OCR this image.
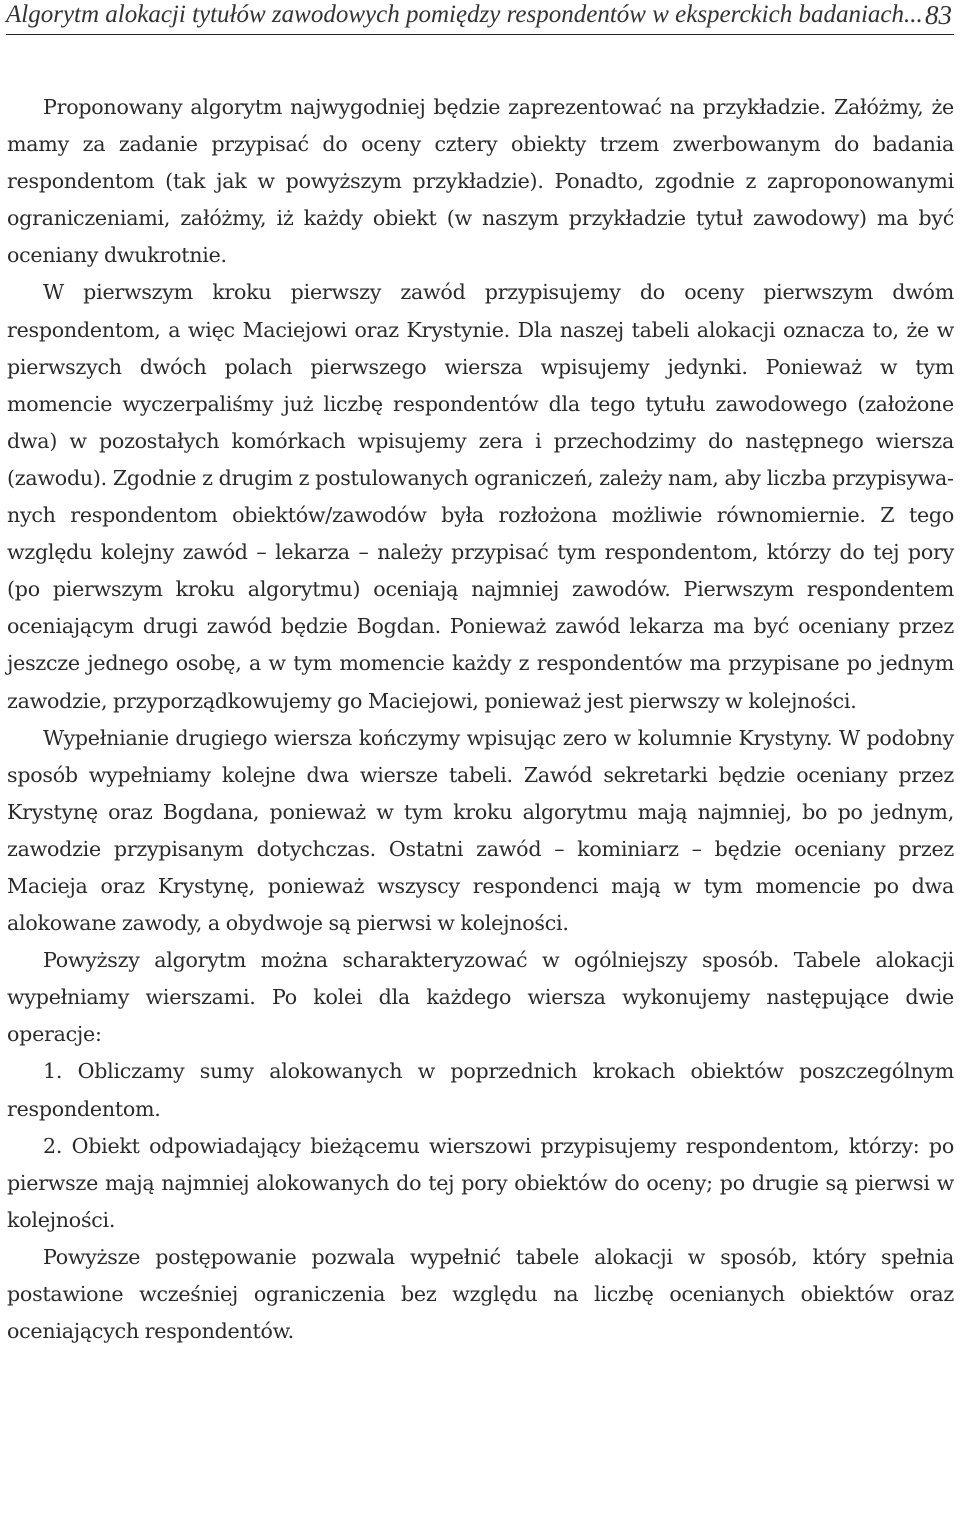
Algorytm alokacji tytułów zawodowych pomiędzy respondentów w eksperckich badaniach... 83

Proponowany algorytm najwygodniej będzie zaprezentować na przykładzie. Załóżmy, że mamy za zadanie przypisać do oceny cztery obiekty trzem zwerbowanym do badania respondentom (tak jak w powyższym przykładzie). Ponadto, zgodnie z zaproponowanymi ograniczeniami, załóżmy, iż każdy obiekt (w naszym przykładzie tytuł zawodowy) ma być oceniany dwukrotnie.

W pierwszym kroku pierwszy zawód przypisujemy do oceny pierwszym dwóm respondentom, a więc Maciejowi oraz Krystynie. Dla naszej tabeli alokacji oznacza to, że w pierwszych dwóch polach pierwszego wiersza wpisujemy jedynki. Ponieważ w tym momencie wyczerpaliśmy już liczbę respondentów dla tego tytułu zawodowego (założone dwa) w pozostałych komórkach wpisujemy zera i przechodzimy do następnego wiersza (zawodu). Zgodnie z drugim z postulowanych ograniczeń, zależy nam, aby liczba przypisywanych respondentom obiektów/zawodów była rozłożona możliwie równomiernie. Z tego względu kolejny zawód – lekarza – należy przypisać tym respondentom, którzy do tej pory (po pierwszym kroku algorytmu) oceniają najmniej zawodów. Pierwszym respondentem oceniającym drugi zawód będzie Bogdan. Ponieważ zawód lekarza ma być oceniany przez jeszcze jednego osobę, a w tym momencie każdy z respondentów ma przypisane po jednym zawodzie, przyporządkowujemy go Maciejowi, ponieważ jest pierwszy w kolejności.

Wypełnianie drugiego wiersza kończymy wpisując zero w kolumnie Krystyny. W podobny sposób wypełniamy kolejne dwa wiersze tabeli. Zawód sekretarki będzie oceniany przez Krystynę oraz Bogdana, ponieważ w tym kroku algorytmu mają najmniej, bo po jednym, zawodzie przypisanym dotychczas. Ostatni zawód – kominiarz – będzie oceniany przez Macieja oraz Krystynę, ponieważ wszyscy respondenci mają w tym momencie po dwa alokowane zawody, a obydwoje są pierwsi w kolejności.

Powyższy algorytm można scharakteryzować w ogólniejszy sposób. Tabele alokacji wypełniamy wierszami. Po kolei dla każdego wiersza wykonujemy następujące dwie operacje:

1. Obliczamy sumy alokowanych w poprzednich krokach obiektów poszczególnym respondentom.

2. Obiekt odpowiadający bieżącemu wierszowi przypisujemy respondentom, którzy: po pierwsze mają najmniej alokowanych do tej pory obiektów do oceny; po drugie są pierwsi w kolejności.

Powyższe postępowanie pozwala wypełnić tabele alokacji w sposób, który spełnia postawione wcześniej ograniczenia bez względu na liczbę ocenianych obiektów oraz oceniających respondentów.
